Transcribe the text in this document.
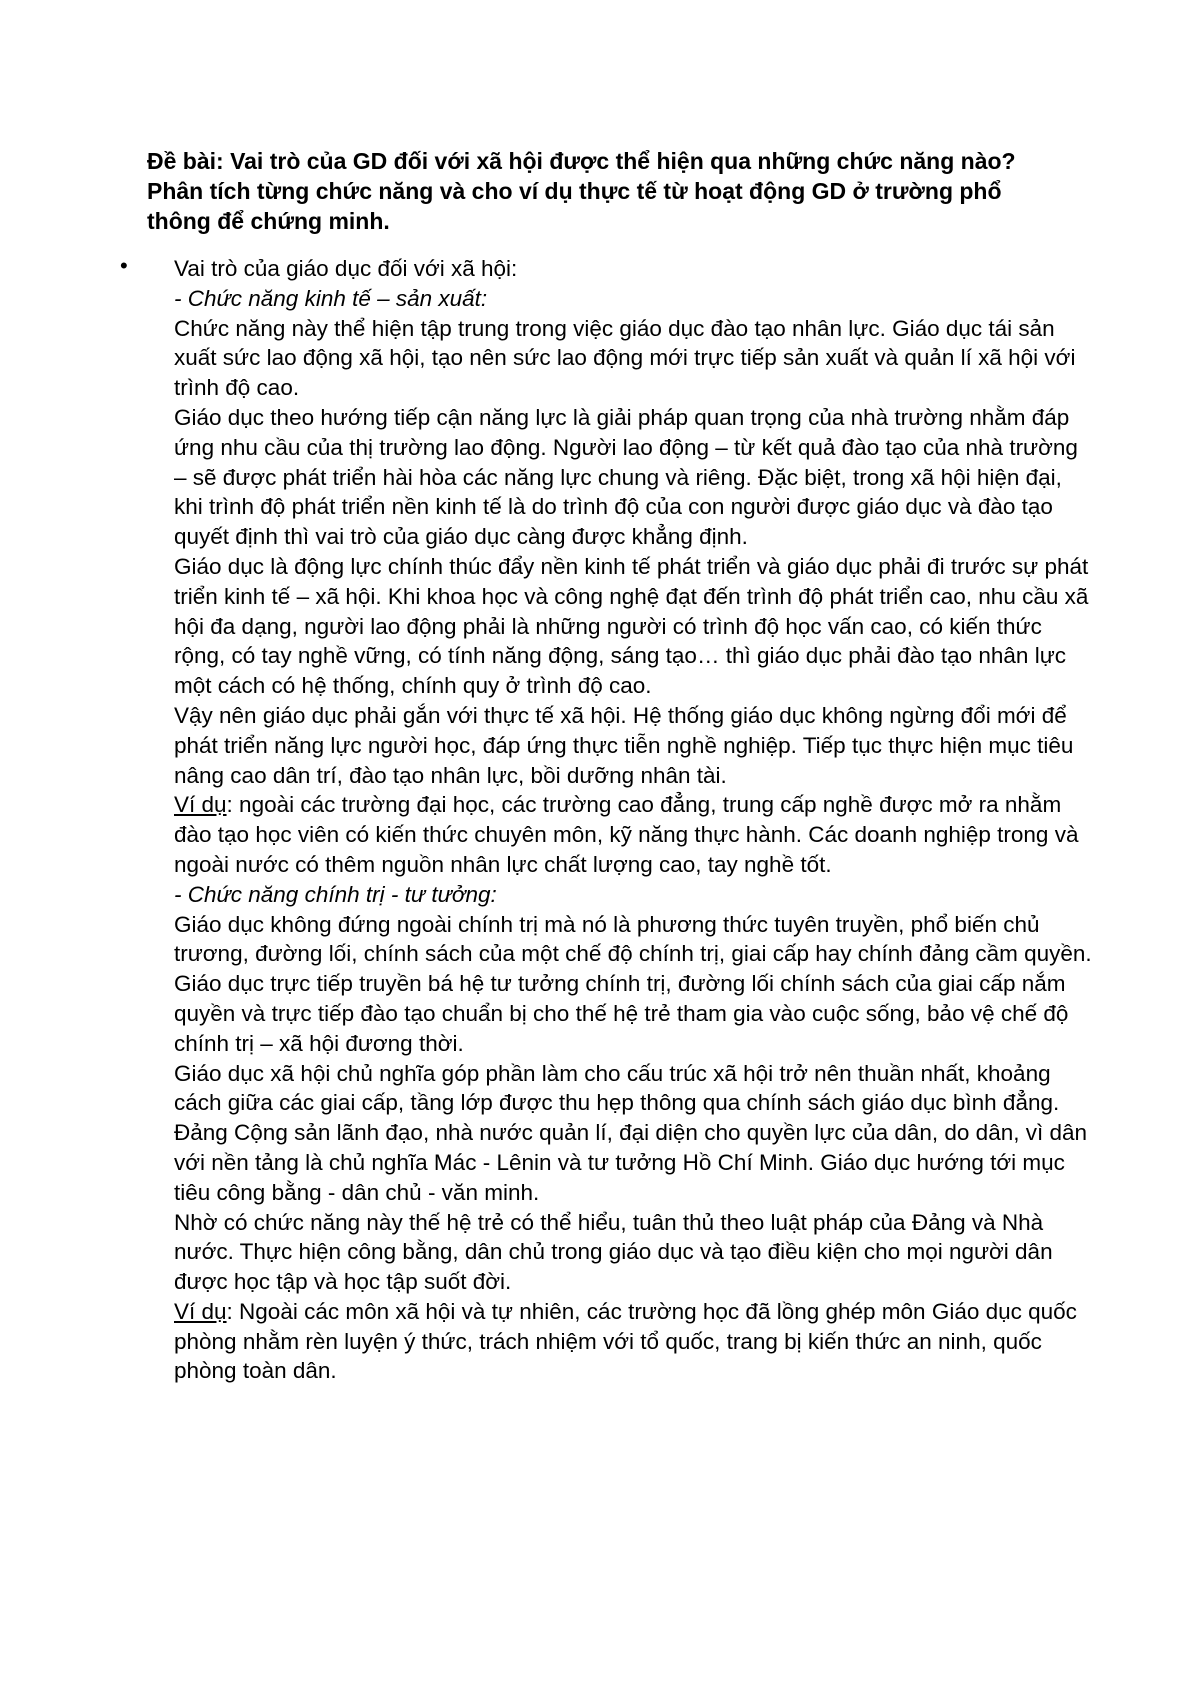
Đề bài: Vai trò của GD đối với xã hội được thể hiện qua những chức năng nào? Phân tích từng chức năng và cho ví dụ thực tế từ hoạt động GD ở trường phổ thông để chứng minh.

• Vai trò của giáo dục đối với xã hội:

- Chức năng kinh tế – sản xuất:

Chức năng này thể hiện tập trung trong việc giáo dục đào tạo nhân lực. Giáo dục tái sản xuất sức lao động xã hội, tạo nên sức lao động mới trực tiếp sản xuất và quản lí xã hội với trình độ cao.

Giáo dục theo hướng tiếp cận năng lực là giải pháp quan trọng của nhà trường nhằm đáp ứng nhu cầu của thị trường lao động. Người lao động – từ kết quả đào tạo của nhà trường – sẽ được phát triển hài hòa các năng lực chung và riêng. Đặc biệt, trong xã hội hiện đại, khi trình độ phát triển nền kinh tế là do trình độ của con người được giáo dục và đào tạo quyết định thì vai trò của giáo dục càng được khẳng định.

Giáo dục là động lực chính thúc đẩy nền kinh tế phát triển và giáo dục phải đi trước sự phát triển kinh tế – xã hội. Khi khoa học và công nghệ đạt đến trình độ phát triển cao, nhu cầu xã hội đa dạng, người lao động phải là những người có trình độ học vấn cao, có kiến thức rộng, có tay nghề vững, có tính năng động, sáng tạo… thì giáo dục phải đào tạo nhân lực một cách có hệ thống, chính quy ở trình độ cao.

Vậy nên giáo dục phải gắn với thực tế xã hội. Hệ thống giáo dục không ngừng đổi mới để phát triển năng lực người học, đáp ứng thực tiễn nghề nghiệp. Tiếp tục thực hiện mục tiêu nâng cao dân trí, đào tạo nhân lực, bồi dưỡng nhân tài.

Ví dụ: ngoài các trường đại học, các trường cao đẳng, trung cấp nghề được mở ra nhằm đào tạo học viên có kiến thức chuyên môn, kỹ năng thực hành. Các doanh nghiệp trong và ngoài nước có thêm nguồn nhân lực chất lượng cao, tay nghề tốt.

- Chức năng chính trị - tư tưởng:

Giáo dục không đứng ngoài chính trị mà nó là phương thức tuyên truyền, phổ biến chủ trương, đường lối, chính sách của một chế độ chính trị, giai cấp hay chính đảng cầm quyền.

Giáo dục trực tiếp truyền bá hệ tư tưởng chính trị, đường lối chính sách của giai cấp nắm quyền và trực tiếp đào tạo chuẩn bị cho thế hệ trẻ tham gia vào cuộc sống, bảo vệ chế độ chính trị – xã hội đương thời.

Giáo dục xã hội chủ nghĩa góp phần làm cho cấu trúc xã hội trở nên thuần nhất, khoảng cách giữa các giai cấp, tầng lớp được thu hẹp thông qua chính sách giáo dục bình đẳng.

Đảng Cộng sản lãnh đạo, nhà nước quản lí, đại diện cho quyền lực của dân, do dân, vì dân với nền tảng là chủ nghĩa Mác - Lênin và tư tưởng Hồ Chí Minh. Giáo dục hướng tới mục tiêu công bằng - dân chủ - văn minh.

Nhờ có chức năng này thế hệ trẻ có thể hiểu, tuân thủ theo luật pháp của Đảng và Nhà nước. Thực hiện công bằng, dân chủ trong giáo dục và tạo điều kiện cho mọi người dân được học tập và học tập suốt đời.

Ví dụ: Ngoài các môn xã hội và tự nhiên, các trường học đã lồng ghép môn Giáo dục quốc phòng nhằm rèn luyện ý thức, trách nhiệm với tổ quốc, trang bị kiến thức an ninh, quốc phòng toàn dân.
